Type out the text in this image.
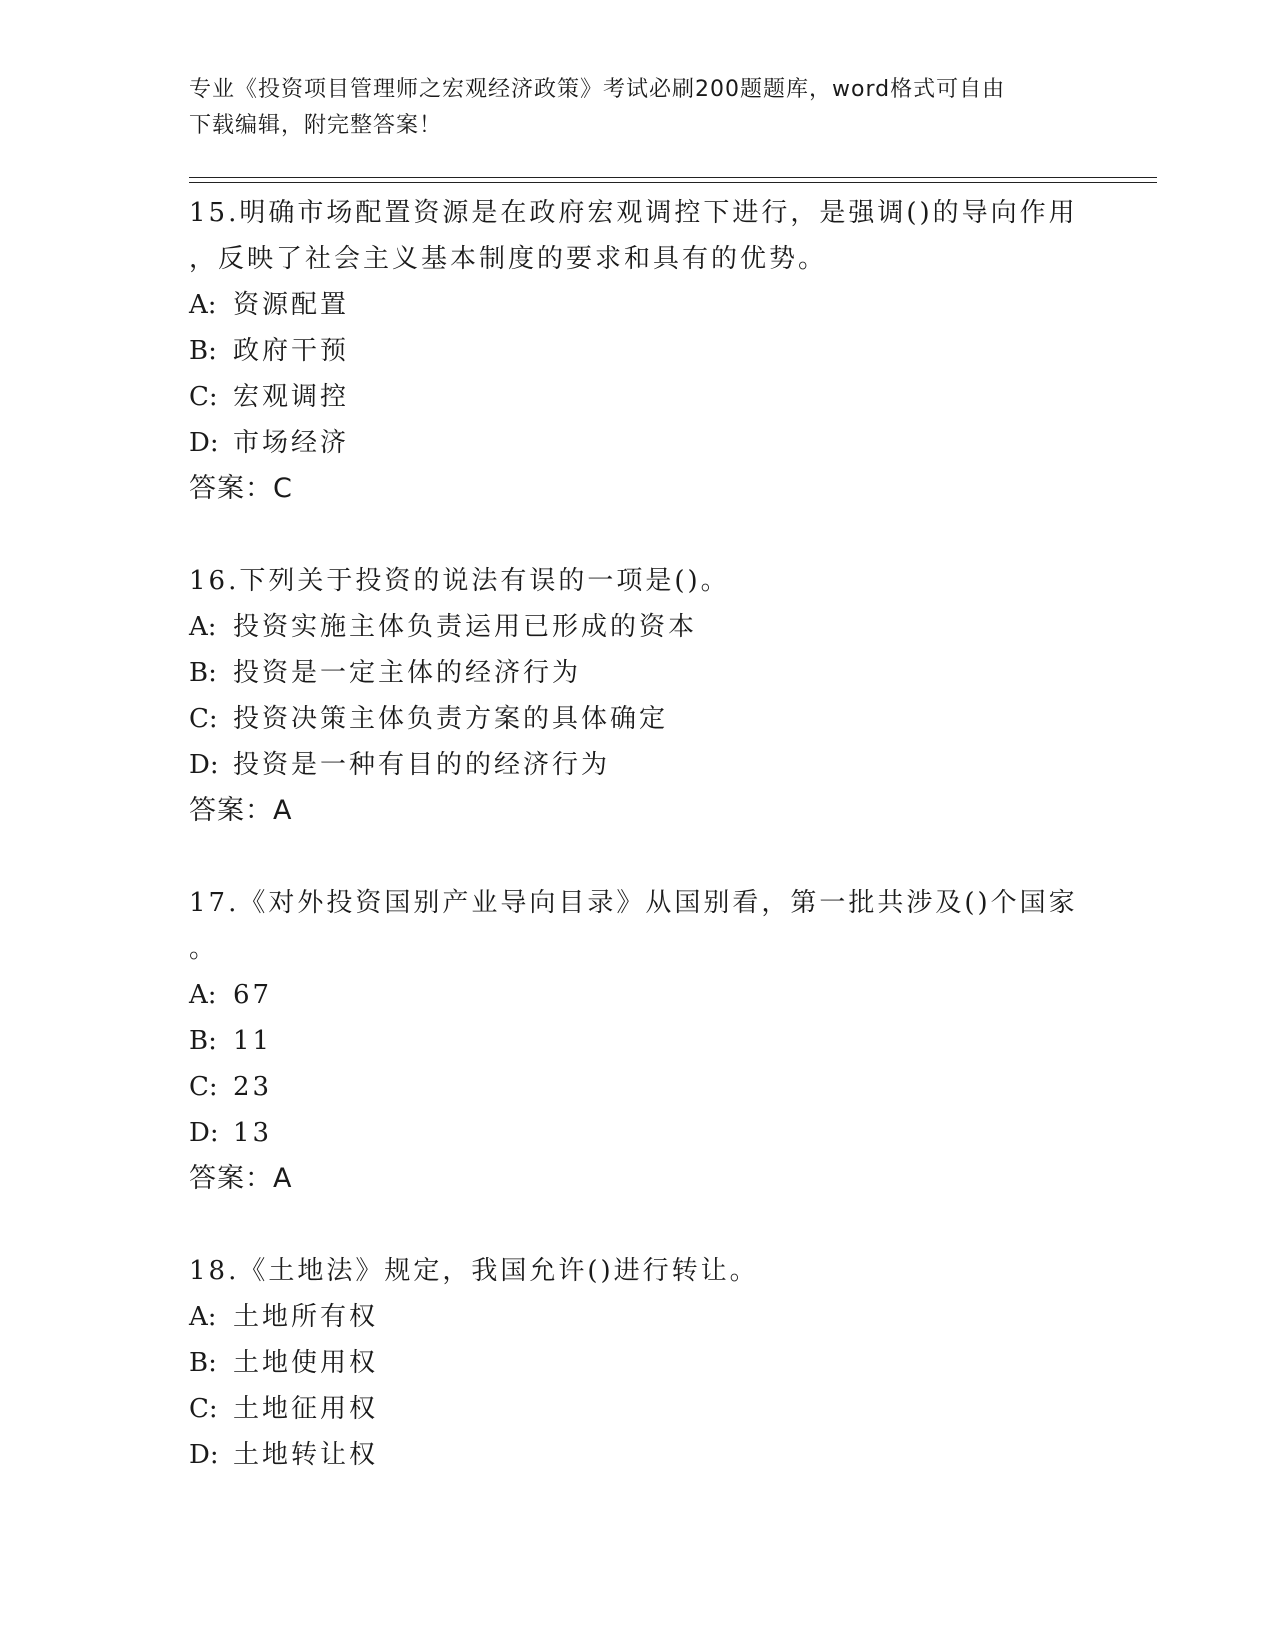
专业《投资项目管理师之宏观经济政策》考试必刷200题题库，word格式可自由
下载编辑，附完整答案！
15.明确市场配置资源是在政府宏观调控下进行，是强调()的导向作用
，反映了社会主义基本制度的要求和具有的优势。
A: 资源配置
B: 政府干预
C: 宏观调控
D: 市场经济
答案：C
16.下列关于投资的说法有误的一项是()。
A: 投资实施主体负责运用已形成的资本
B: 投资是一定主体的经济行为
C: 投资决策主体负责方案的具体确定
D: 投资是一种有目的的经济行为
答案：A
17.《对外投资国别产业导向目录》从国别看，第一批共涉及()个国家
。
A: 67
B: 11
C: 23
D: 13
答案：A
18.《土地法》规定，我国允许()进行转让。
A: 土地所有权
B: 土地使用权
C: 土地征用权
D: 土地转让权
